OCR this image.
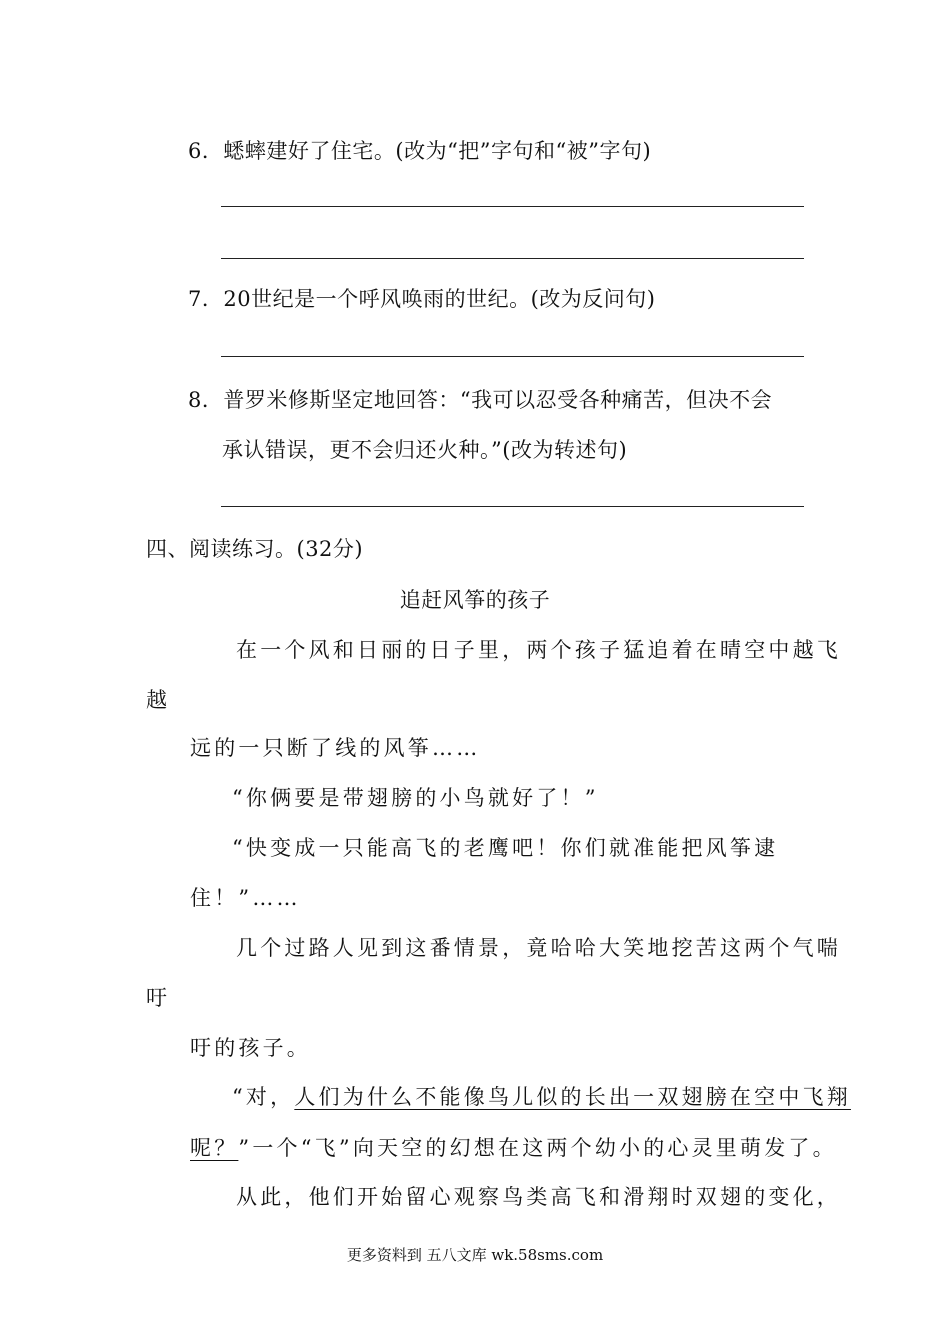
6．蟋蟀建好了住宅。(改为“把”字句和“被”字句)
7．20世纪是一个呼风唤雨的世纪。(改为反问句)
8．普罗米修斯坚定地回答：“我可以忍受各种痛苦，但决不会
承认错误，更不会归还火种。”(改为转述句)
四、阅读练习。(32分)
追赶风筝的孩子
在一个风和日丽的日子里，两个孩子猛追着在晴空中越飞
越
远的一只断了线的风筝……
“你俩要是带翅膀的小鸟就好了！”
“快变成一只能高飞的老鹰吧！你们就准能把风筝逮
住！”……
几个过路人见到这番情景，竟哈哈大笑地挖苦这两个气喘
吁
吁的孩子。
“对，人们为什么不能像鸟儿似的长出一双翅膀在空中飞翔
呢？”一个“飞”向天空的幻想在这两个幼小的心灵里萌发了。
从此，他们开始留心观察鸟类高飞和滑翔时双翅的变化，
更多资料到 五八文库 wk.58sms.com
